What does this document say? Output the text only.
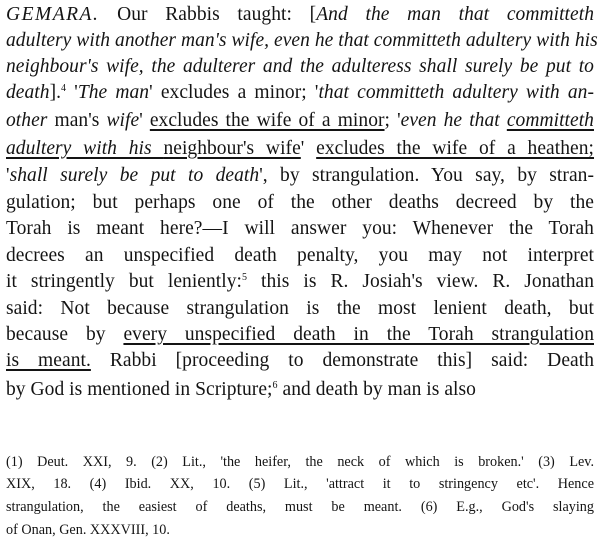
GEMARA. Our Rabbis taught: [And the man that committeth
adultery with another man's wife, even he that committeth adultery with his
neighbour's wife, the adulterer and the adulteress shall surely be put to
death].$^4$ 'The man' excludes a minor; 'that committeth adultery with an-
other man's wife' excludes the wife of a minor; 'even he that committeth
adultery with his neighbour's wife' excludes the wife of a heathen;
'shall surely be put to death', by strangulation. You say, by stran-
gulation; but perhaps one of the other deaths decreed by the
Torah is meant here?—I will answer you: Whenever the Torah
decrees an unspecified death penalty, you may not interpret
it stringently but leniently:$^5$ this is R. Josiah's view. R. Jonathan
said: Not because strangulation is the most lenient death, but
because by every unspecified death in the Torah strangulation
is meant. Rabbi [proceeding to demonstrate this] said: Death
by God is mentioned in Scripture;$^6$ and death by man is also
(1) Deut. XXI, 9. (2) Lit., 'the heifer, the neck of which is broken.' (3) Lev.
XIX, 18. (4) Ibid. XX, 10. (5) Lit., 'attract it to stringency etc'. Hence
strangulation, the easiest of deaths, must be meant. (6) E.g., God's slaying
of Onan, Gen. XXXVIII, 10.
